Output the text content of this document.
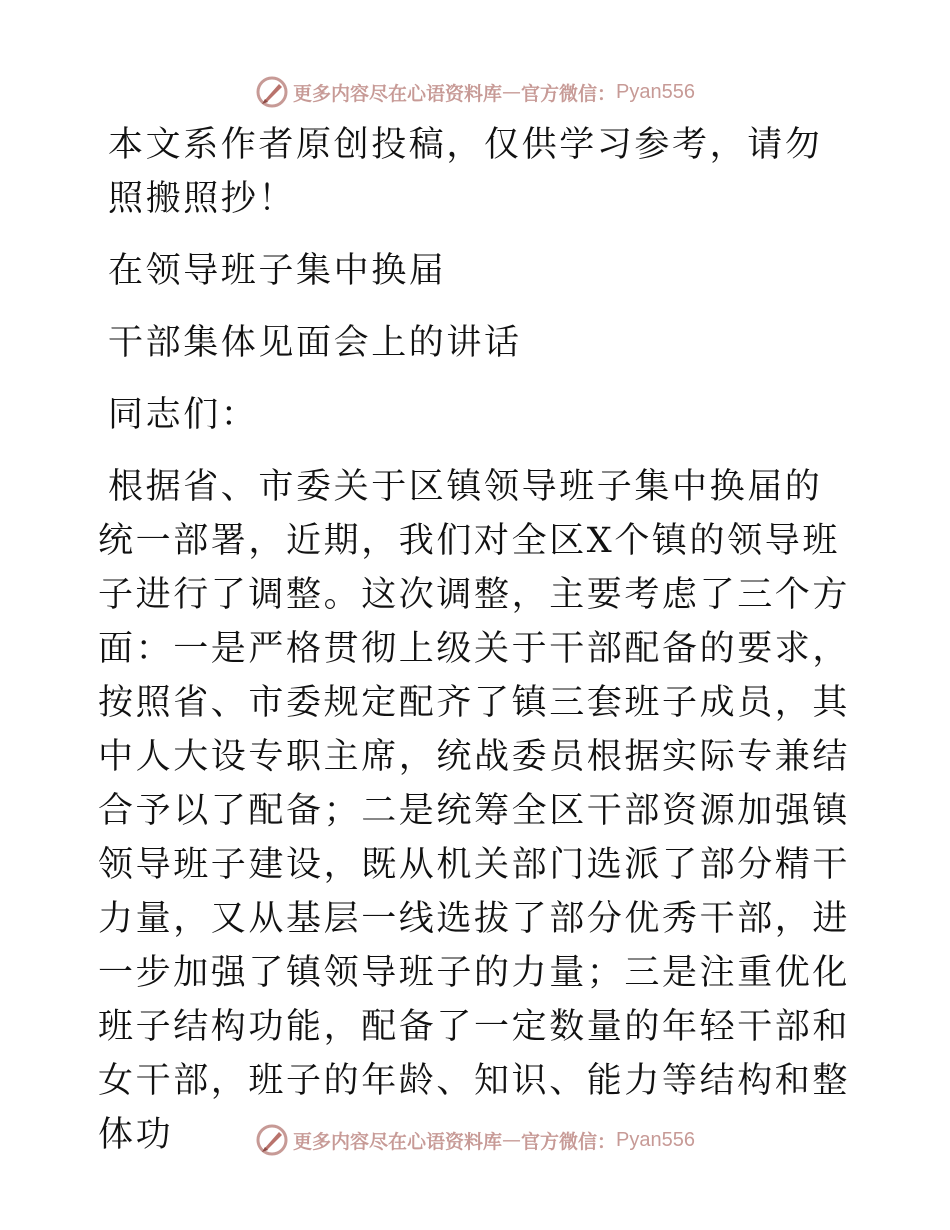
更多内容尽在心语资料库 — 官方微信： Pyan556

本文系作者原创投稿，仅供学习参考，请勿照搬照抄！

在领导班子集中换届

干部集体见面会上的讲话

同志们：

根据省、市委关于区镇领导班子集中换届的统一部署，近期，我们对全区X个镇的领导班子进行了调整。这次调整，主要考虑了三个方面：一是严格贯彻上级关于干部配备的要求，按照省、市委规定配齐了镇三套班子成员，其中人大设专职主席，统战委员根据实际专兼结合予以了配备；二是统筹全区干部资源加强镇领导班子建设，既从机关部门选派了部分精干力量，又从基层一线选拔了部分优秀干部，进一步加强了镇领导班子的力量；三是注重优化班子结构功能，配备了一定数量的年轻干部和女干部，班子的年龄、知识、能力等结构和整体功	更多内容尽在心语资料库 — 官方微信： Pyan556
